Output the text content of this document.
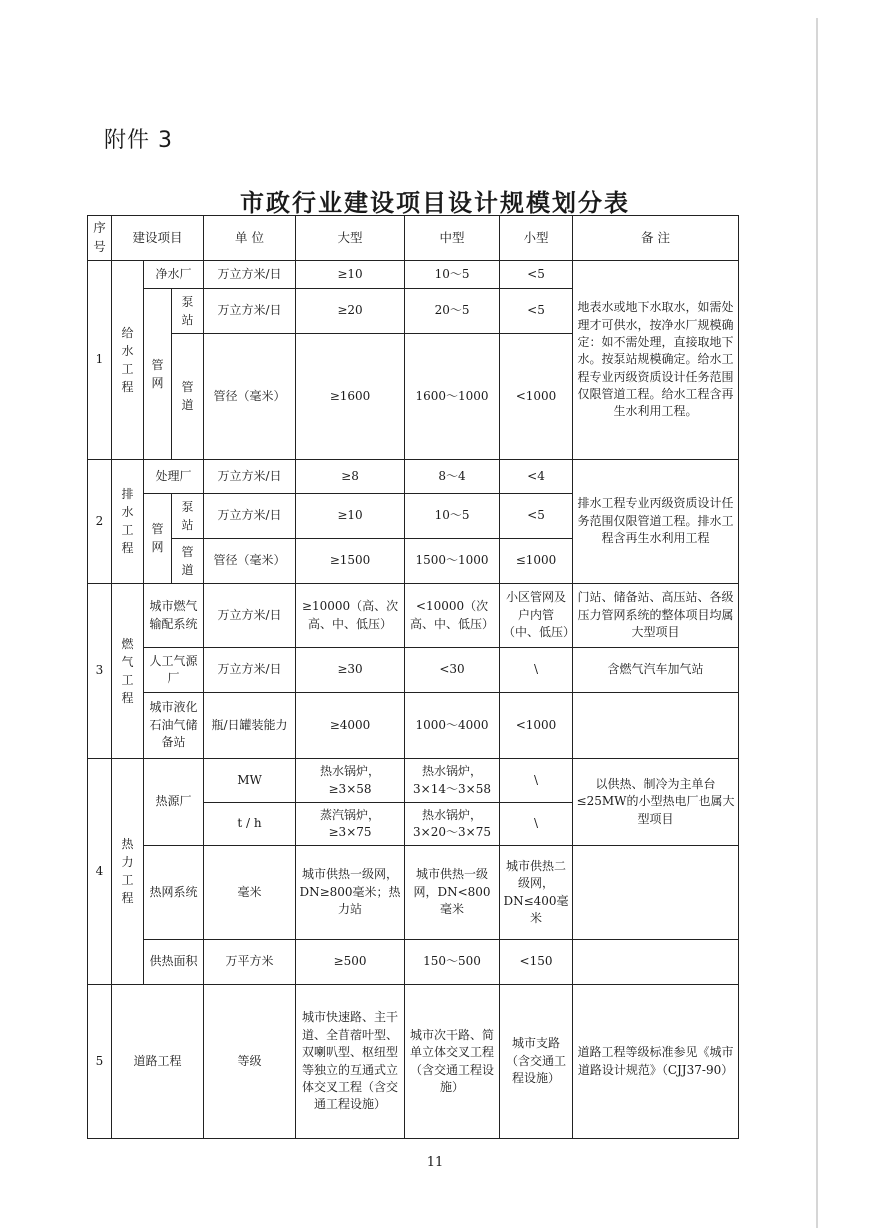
附件 3
市政行业建设项目设计规模划分表
序号	建设项目			单 位	大型	中型	小型	备 注
1	给水工程	净水厂		万立方米/日	≥10	10～5	<5	地表水或地下水取水，如需处理才可供水，按净水厂规模确定：如不需处理，直接取地下水。按泵站规模确定。给水工程专业丙级资质设计任务范围仅限管道工程。给水工程含再生水利用工程。
		管网	泵站	万立方米/日	≥20	20～5	<5	
			管道	管径（毫米）	≥1600	1600～1000	<1000	
2	排水工程	处理厂		万立方米/日	≥8	8～4	<4	排水工程专业丙级资质设计任务范围仅限管道工程。排水工程含再生水利用工程
		管网	泵站	万立方米/日	≥10	10～5	<5	
			管道	管径（毫米）	≥1500	1500～1000	≤1000	
3	燃气工程	城市燃气输配系统		万立方米/日	≥10000（高、次高、中、低压）	<10000（次高、中、低压）	小区管网及户内管（中、低压）	门站、储备站、高压站、各级压力管网系统的整体项目均属大型项目
		人工气源厂		万立方米/日	≥30	<30	\	含燃气汽车加气站
		城市液化石油气储备站		瓶/日罐装能力	≥4000	1000～4000	<1000	
4	热力工程	热源厂		MW	热水锅炉，≥3×58	热水锅炉，3×14～3×58	\	以供热、制冷为主单台≤25MW的小型热电厂也属大型项目
				t / h	蒸汽锅炉，≥3×75	热水锅炉，3×20～3×75	\	
		热网系统		毫米	城市供热一级网，DN≥800毫米；热力站	城市供热一级网，DN<800毫米	城市供热二级网，DN≤400毫米	
		供热面积		万平方米	≥500	150～500	<150	
5	道路工程			等级	城市快速路、主干道、全苜蓿叶型、双喇叭型、枢纽型等独立的互通式立体交叉工程（含交通工程设施）	城市次干路、简单立体交叉工程（含交通工程设施）	城市支路（含交通工程设施）	道路工程等级标准参见《城市道路设计规范》（CJJ37-90）
11
